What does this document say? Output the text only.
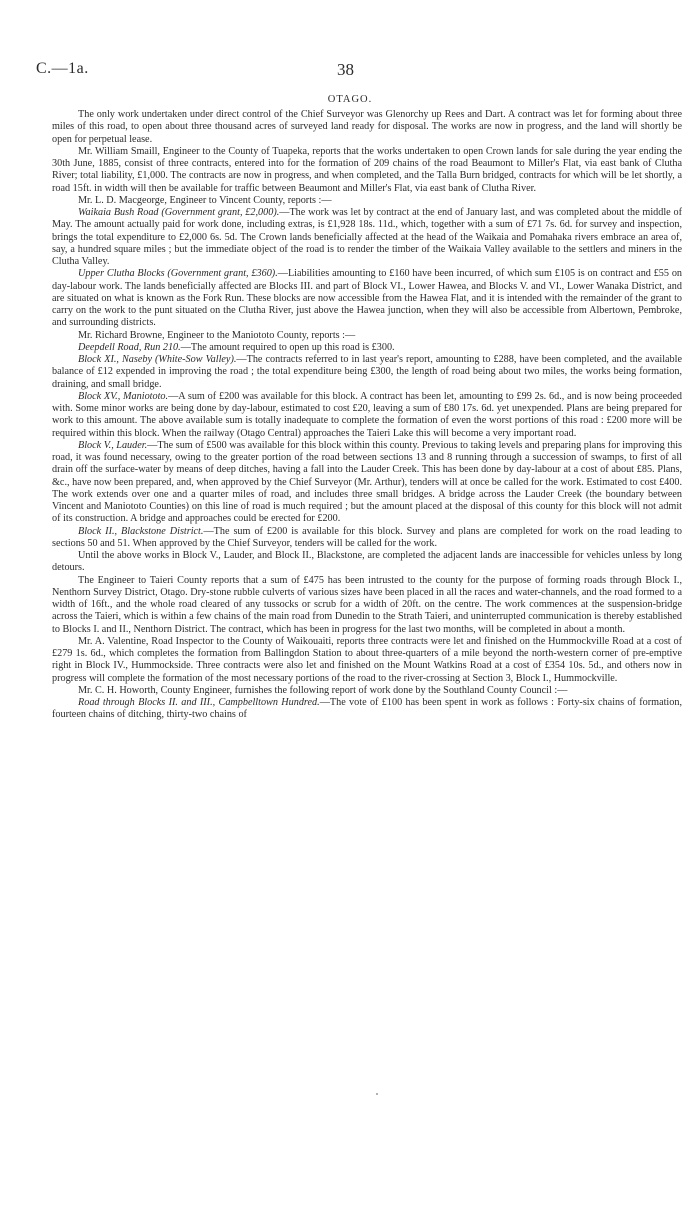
C.—1a.	38
OTAGO.

The only work undertaken under direct control of the Chief Surveyor was Glenorchy up Rees and Dart. A contract was let for forming about three miles of this road, to open about three thousand acres of surveyed land ready for disposal. The works are now in progress, and the land will shortly be open for perpetual lease.

Mr. William Smaill, Engineer to the County of Tuapeka, reports that the works undertaken to open Crown lands for sale during the year ending the 30th June, 1885, consist of three contracts, entered into for the formation of 209 chains of the road Beaumont to Miller's Flat, via east bank of Clutha River; total liability, £1,000. The contracts are now in progress, and when completed, and the Talla Burn bridged, contracts for which will be let shortly, a road 15ft. in width will then be available for traffic between Beaumont and Miller's Flat, via east bank of Clutha River.

Mr. L. D. Macgeorge, Engineer to Vincent County, reports :—

Waikaia Bush Road (Government grant, £2,000).—The work was let by contract at the end of January last, and was completed about the middle of May. The amount actually paid for work done, including extras, is £1,928 18s. 11d., which, together with a sum of £71 7s. 6d. for survey and inspection, brings the total expenditure to £2,000 6s. 5d. The Crown lands beneficially affected at the head of the Waikaia and Pomahaka rivers embrace an area of, say, a hundred square miles ; but the immediate object of the road is to render the timber of the Waikaia Valley available to the settlers and miners in the Clutha Valley.

Upper Clutha Blocks (Government grant, £360).—Liabilities amounting to £160 have been incurred, of which sum £105 is on contract and £55 on day-labour work. The lands beneficially affected are Blocks III. and part of Block VI., Lower Hawea, and Blocks V. and VI., Lower Wanaka District, and are situated on what is known as the Fork Run. These blocks are now accessible from the Hawea Flat, and it is intended with the remainder of the grant to carry on the work to the punt situated on the Clutha River, just above the Hawea junction, when they will also be accessible from Albertown, Pembroke, and surrounding districts.

Mr. Richard Browne, Engineer to the Maniototo County, reports :—

Deepdell Road, Run 210.—The amount required to open up this road is £300.

Block XI., Naseby (White-Sow Valley).—The contracts referred to in last year's report, amounting to £288, have been completed, and the available balance of £12 expended in improving the road ; the total expenditure being £300, the length of road being about two miles, the works being formation, draining, and small bridge.

Block XV., Maniototo.—A sum of £200 was available for this block. A contract has been let, amounting to £99 2s. 6d., and is now being proceeded with. Some minor works are being done by day-labour, estimated to cost £20, leaving a sum of £80 17s. 6d. yet unexpended. Plans are being prepared for work to this amount. The above available sum is totally inadequate to complete the formation of even the worst portions of this road : £200 more will be required within this block. When the railway (Otago Central) approaches the Taieri Lake this will become a very important road.

Block V., Lauder.—The sum of £500 was available for this block within this county. Previous to taking levels and preparing plans for improving this road, it was found necessary, owing to the greater portion of the road between sections 13 and 8 running through a succession of swamps, to first of all drain off the surface-water by means of deep ditches, having a fall into the Lauder Creek. This has been done by day-labour at a cost of about £85. Plans, &c., have now been prepared, and, when approved by the Chief Surveyor (Mr. Arthur), tenders will at once be called for the work. Estimated to cost £400. The work extends over one and a quarter miles of road, and includes three small bridges. A bridge across the Lauder Creek (the boundary between Vincent and Maniototo Counties) on this line of road is much required ; but the amount placed at the disposal of this county for this block will not admit of its construction. A bridge and approaches could be erected for £200.

Block II., Blackstone District.—The sum of £200 is available for this block. Survey and plans are completed for work on the road leading to sections 50 and 51. When approved by the Chief Surveyor, tenders will be called for the work.

Until the above works in Block V., Lauder, and Block II., Blackstone, are completed the adjacent lands are inaccessible for vehicles unless by long detours.

The Engineer to Taieri County reports that a sum of £475 has been intrusted to the county for the purpose of forming roads through Block I., Nenthorn Survey District, Otago. Dry-stone rubble culverts of various sizes have been placed in all the races and water-channels, and the road formed to a width of 16ft., and the whole road cleared of any tussocks or scrub for a width of 20ft. on the centre. The work commences at the suspension-bridge across the Taieri, which is within a few chains of the main road from Dunedin to the Strath Taieri, and uninterrupted communication is thereby established to Blocks I. and II., Nenthorn District. The contract, which has been in progress for the last two months, will be completed in about a month.

Mr. A. Valentine, Road Inspector to the County of Waikouaiti, reports three contracts were let and finished on the Hummockville Road at a cost of £279 1s. 6d., which completes the formation from Ballingdon Station to about three-quarters of a mile beyond the north-western corner of pre-emptive right in Block IV., Hummockside. Three contracts were also let and finished on the Mount Watkins Road at a cost of £354 10s. 5d., and others now in progress will complete the formation of the most necessary portions of the road to the river-crossing at Section 3, Block I., Hummockville.

Mr. C. H. Howorth, County Engineer, furnishes the following report of work done by the Southland County Council :—

Road through Blocks II. and III., Campbelltown Hundred.—The vote of £100 has been spent in work as follows : Forty-six chains of formation, fourteen chains of ditching, thirty-two chains of
